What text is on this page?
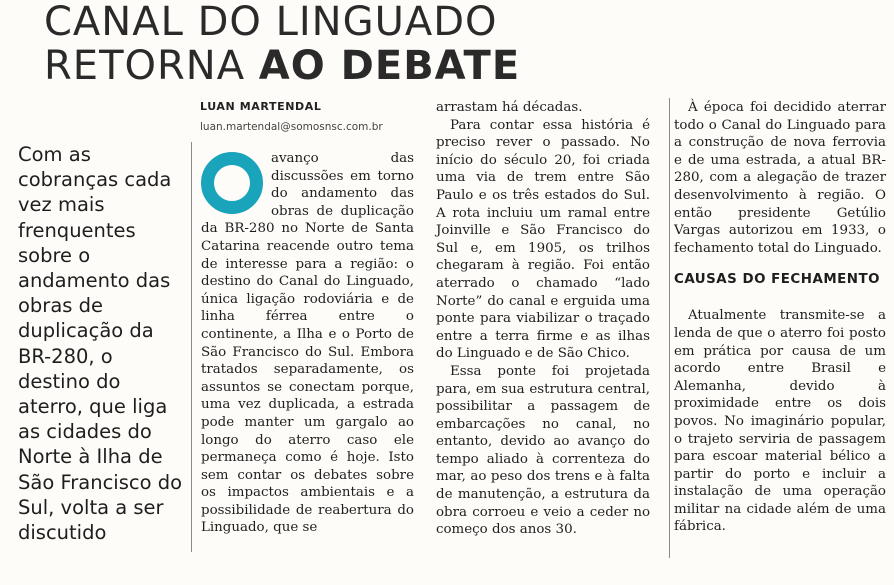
CANAL DO LINGUADO
RETORNA AO DEBATE
LUAN MARTENDAL
luan.martendal@somosnsc.com.br
Com as cobranças cada vez mais frenquentes sobre o andamento das obras de duplicação da BR-280, o destino do aterro, que liga as cidades do Norte à Ilha de São Francisco do Sul, volta a ser discutido

avanço das discussões em torno do andamento das obras de duplicação da BR-280 no Norte de Santa Catarina reacende outro tema de interesse para a região: o destino do Canal do Linguado, única ligação rodoviária e de linha férrea entre o continente, a Ilha e o Porto de São Francisco do Sul. Embora tratados separadamente, os assuntos se conectam porque, uma vez duplicada, a estrada pode manter um gargalo ao longo do aterro caso ele permaneça como é hoje. Isto sem contar os debates sobre os impactos ambientais e a possibilidade de reabertura do Linguado, que se

arrastam há décadas.

Para contar essa história é preciso rever o passado. No início do século 20, foi criada uma via de trem entre São Paulo e os três estados do Sul. A rota incluiu um ramal entre Joinville e São Francisco do Sul e, em 1905, os trilhos chegaram à região. Foi então aterrado o chamado “lado Norte” do canal e erguida uma ponte para viabilizar o traçado entre a terra firme e as ilhas do Linguado e de São Chico.

Essa ponte foi projetada para, em sua estrutura central, possibilitar a passagem de embarcações no canal, no entanto, devido ao avanço do tempo aliado à correnteza do mar, ao peso dos trens e à falta de manutenção, a estrutura da obra corroeu e veio a ceder no começo dos anos 30.

À época foi decidido aterrar todo o Canal do Linguado para a construção de nova ferrovia e de uma estrada, a atual BR-280, com a alegação de trazer desenvolvimento à região. O então presidente Getúlio Vargas autorizou em 1933, o fechamento total do Linguado.

CAUSAS DO FECHAMENTO

Atualmente transmite-se a lenda de que o aterro foi posto em prática por causa de um acordo entre Brasil e Alemanha, devido à proximidade entre os dois povos. No imaginário popular, o trajeto serviria de passagem para escoar material bélico a partir do porto e incluir a instalação de uma operação militar na cidade além de uma fábrica.
